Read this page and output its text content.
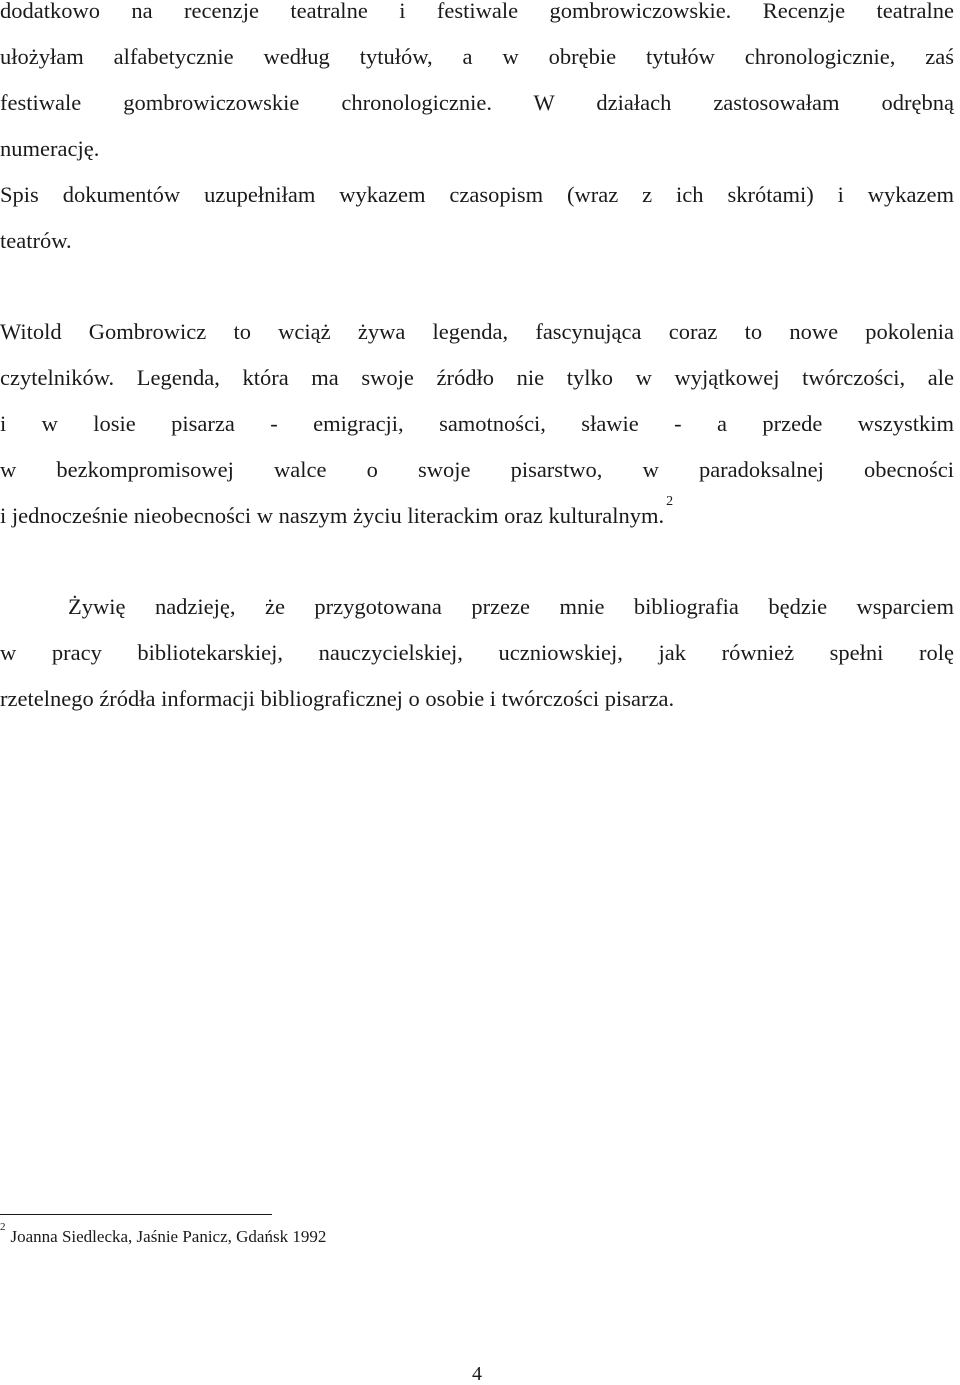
dodatkowo na recenzje teatralne i festiwale gombrowiczowskie. Recenzje teatralne

ułożyłam alfabetycznie według tytułów, a w obrębie tytułów chronologicznie, zaś

festiwale gombrowiczowskie chronologicznie. W działach zastosowałam odrębną

numerację.

Spis dokumentów uzupełniłam wykazem czasopism (wraz z ich skrótami) i wykazem

teatrów.

Witold Gombrowicz to wciąż żywa legenda, fascynująca coraz to nowe pokolenia

czytelników. Legenda, która ma swoje źródło nie tylko w wyjątkowej twórczości, ale

i w losie pisarza - emigracji, samotności, sławie - a przede wszystkim

w bezkompromisowej walce o swoje pisarstwo, w paradoksalnej obecności

i jednocześnie nieobecności w naszym życiu literackim oraz kulturalnym.$^2$

Żywię nadzieję, że przygotowana przeze mnie bibliografia będzie wsparciem

w pracy bibliotekarskiej, nauczycielskiej, uczniowskiej, jak również spełni rolę

rzetelnego źródła informacji bibliograficznej o osobie i twórczości pisarza.

$^2$ Joanna Siedlecka, Jaśnie Panicz, Gdańsk 1992
4
